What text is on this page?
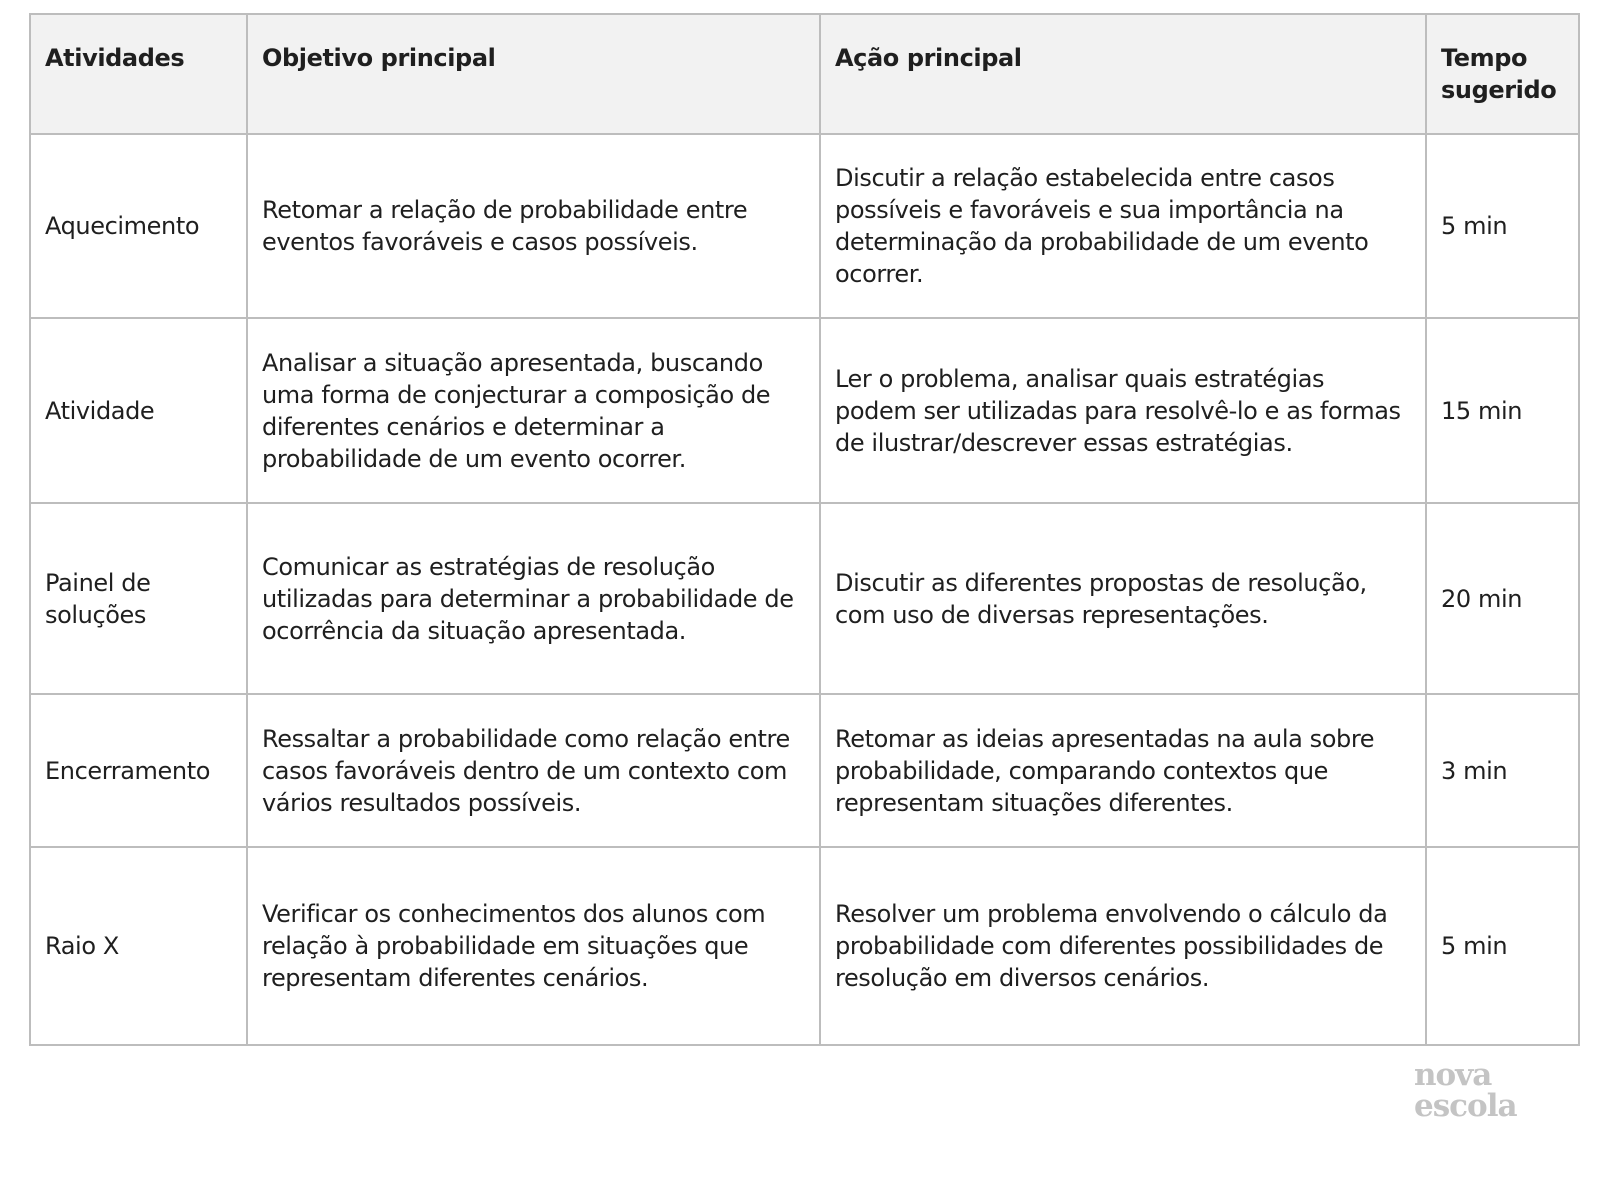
Atividades	Objetivo principal	Ação principal	Tempo sugerido
Aquecimento	Retomar a relação de probabilidade entre eventos favoráveis e casos possíveis.	Discutir a relação estabelecida entre casos possíveis e favoráveis e sua importância na determinação da probabilidade de um evento ocorrer.	5 min
Atividade	Analisar a situação apresentada, buscando uma forma de conjecturar a composição de diferentes cenários e determinar a probabilidade de um evento ocorrer.	Ler o problema, analisar quais estratégias podem ser utilizadas para resolvê-lo e as formas de ilustrar/descrever essas estratégias.	15 min
Painel de soluções	Comunicar as estratégias de resolução utilizadas para determinar a probabilidade de ocorrência da situação apresentada.	Discutir as diferentes propostas de resolução, com uso de diversas representações.	20 min
Encerramento	Ressaltar a probabilidade como relação entre casos favoráveis dentro de um contexto com vários resultados possíveis.	Retomar as ideias apresentadas na aula sobre probabilidade, comparando contextos que representam situações diferentes.	3 min
Raio X	Verificar os conhecimentos dos alunos com relação à probabilidade em situações que representam diferentes cenários.	Resolver um problema envolvendo o cálculo da probabilidade com diferentes possibilidades de resolução em diversos cenários.	5 min
nova
escola
